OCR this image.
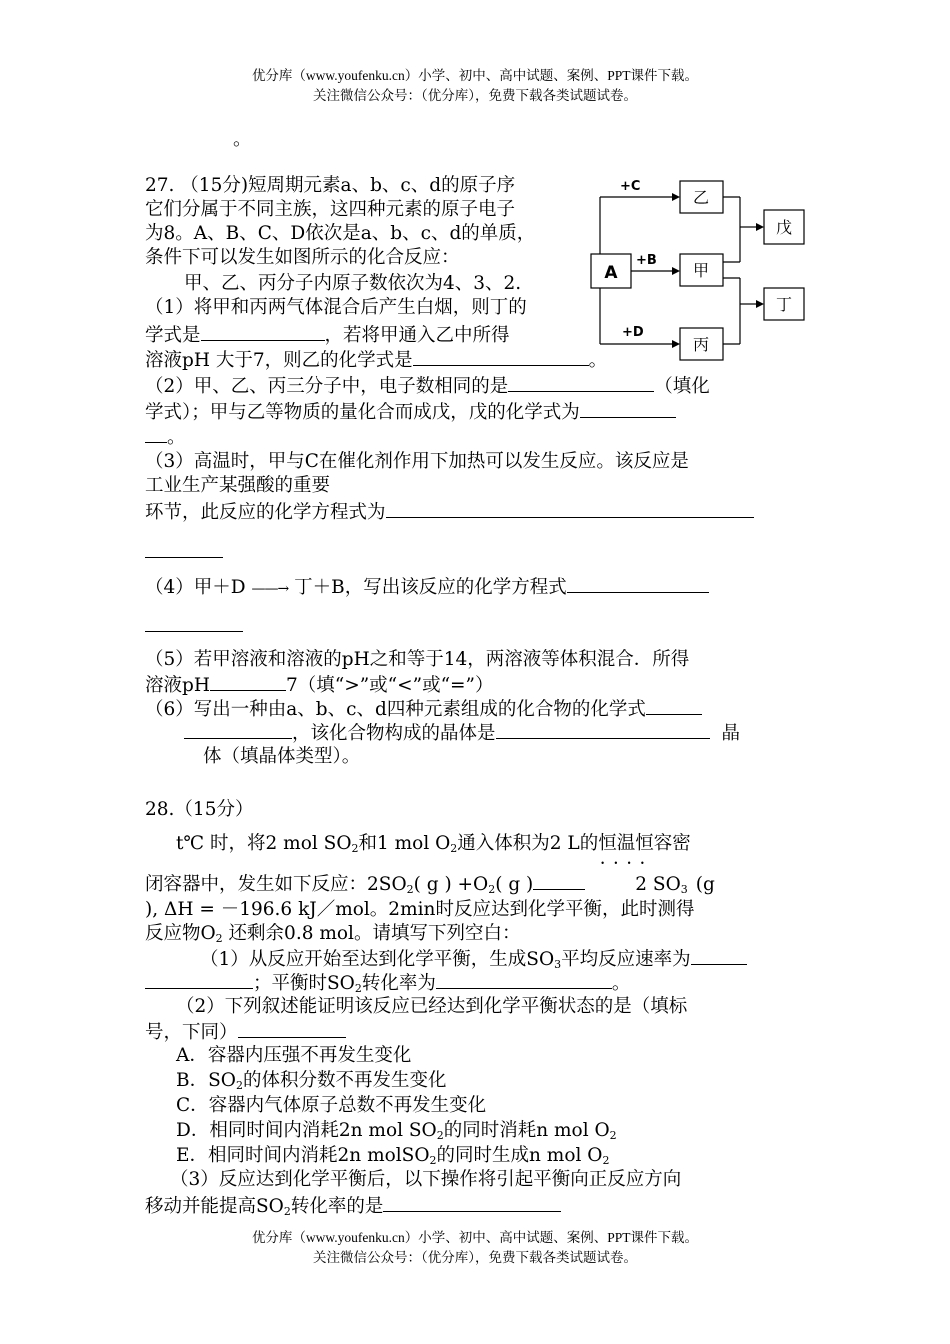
优分库（www.youfenku.cn）小学、初中、高中试题、案例、PPT课件下载。
关注微信公众号：（优分库），免费下载各类试题试卷。
。
27. （15分)短周期元素a、b、c、d的原子序
它们分属于不同主族，这四种元素的原子电子
为8。A、B、C、D依次是a、b、c、d的单质，
条件下可以发生如图所示的化合反应：
甲、乙、丙分子内原子数依次为4、3、2.
（1）将甲和丙两气体混合后产生白烟，则丁的
学式是	，若将甲通入乙中所得
溶液pH 大于7，则乙的化学式是	。
（2）甲、乙、丙三分子中，电子数相同的是	（填化
学式）；甲与乙等物质的量化合而成戊，戊的化学式为
。
（3）高温时，甲与C在催化剂作用下加热可以发生反应。该反应是
工业生产某强酸的重要
环节，此反应的化学方程式为
（4）甲＋D ——→ 丁＋B，写出该反应的化学方程式
（5）若甲溶液和溶液的pH之和等于14，两溶液等体积混合．所得
溶液pH	7（填“>”或“<”或“=”）
（6）写出一种由a、b、c、d四种元素组成的化合物的化学式
，该化合物构成的晶体是	晶
体（填晶体类型）。
A
+C
+B
+D
乙
甲
丙
戊
丁
28.（15分）
t℃ 时，将2 mol $SO_2$和1 mol $O_2$通入体积为2 L的恒温恒容 • • 密
闭容器中，发生如下反应：$2SO_2$( g ) $+O_2$( g )	2 $SO_3$ (g
), ΔH = －196.6 kJ／mol。2min时反应达到化学平衡，此时测得
反应物$O_2$ 还剩余0.8 mol。请填写下列空白：
（1）从反应开始至达到化学平衡，生成$SO_3$平均反应速率为
；平衡时$SO_2$转化率为	。
（2）下列叙述能证明该反应已经达到化学平衡状态的是（填标
号，下同）
A．容器内压强不再发生变化
B．$SO_2$的体积分数不再发生变化
C．容器内气体原子总数不再发生变化
D．相同时间内消耗2n mol $SO_2$的同时消耗n mol $O_2$
E．相同时间内消耗2n molSO$_2$的同时生成n mol $O_2$
（3）反应达到化学平衡后，以下操作将引起平衡向正反应方向
移动并能提高$SO_2$转化率的是
优分库（www.youfenku.cn）小学、初中、高中试题、案例、PPT课件下载。
关注微信公众号：（优分库），免费下载各类试题试卷。
